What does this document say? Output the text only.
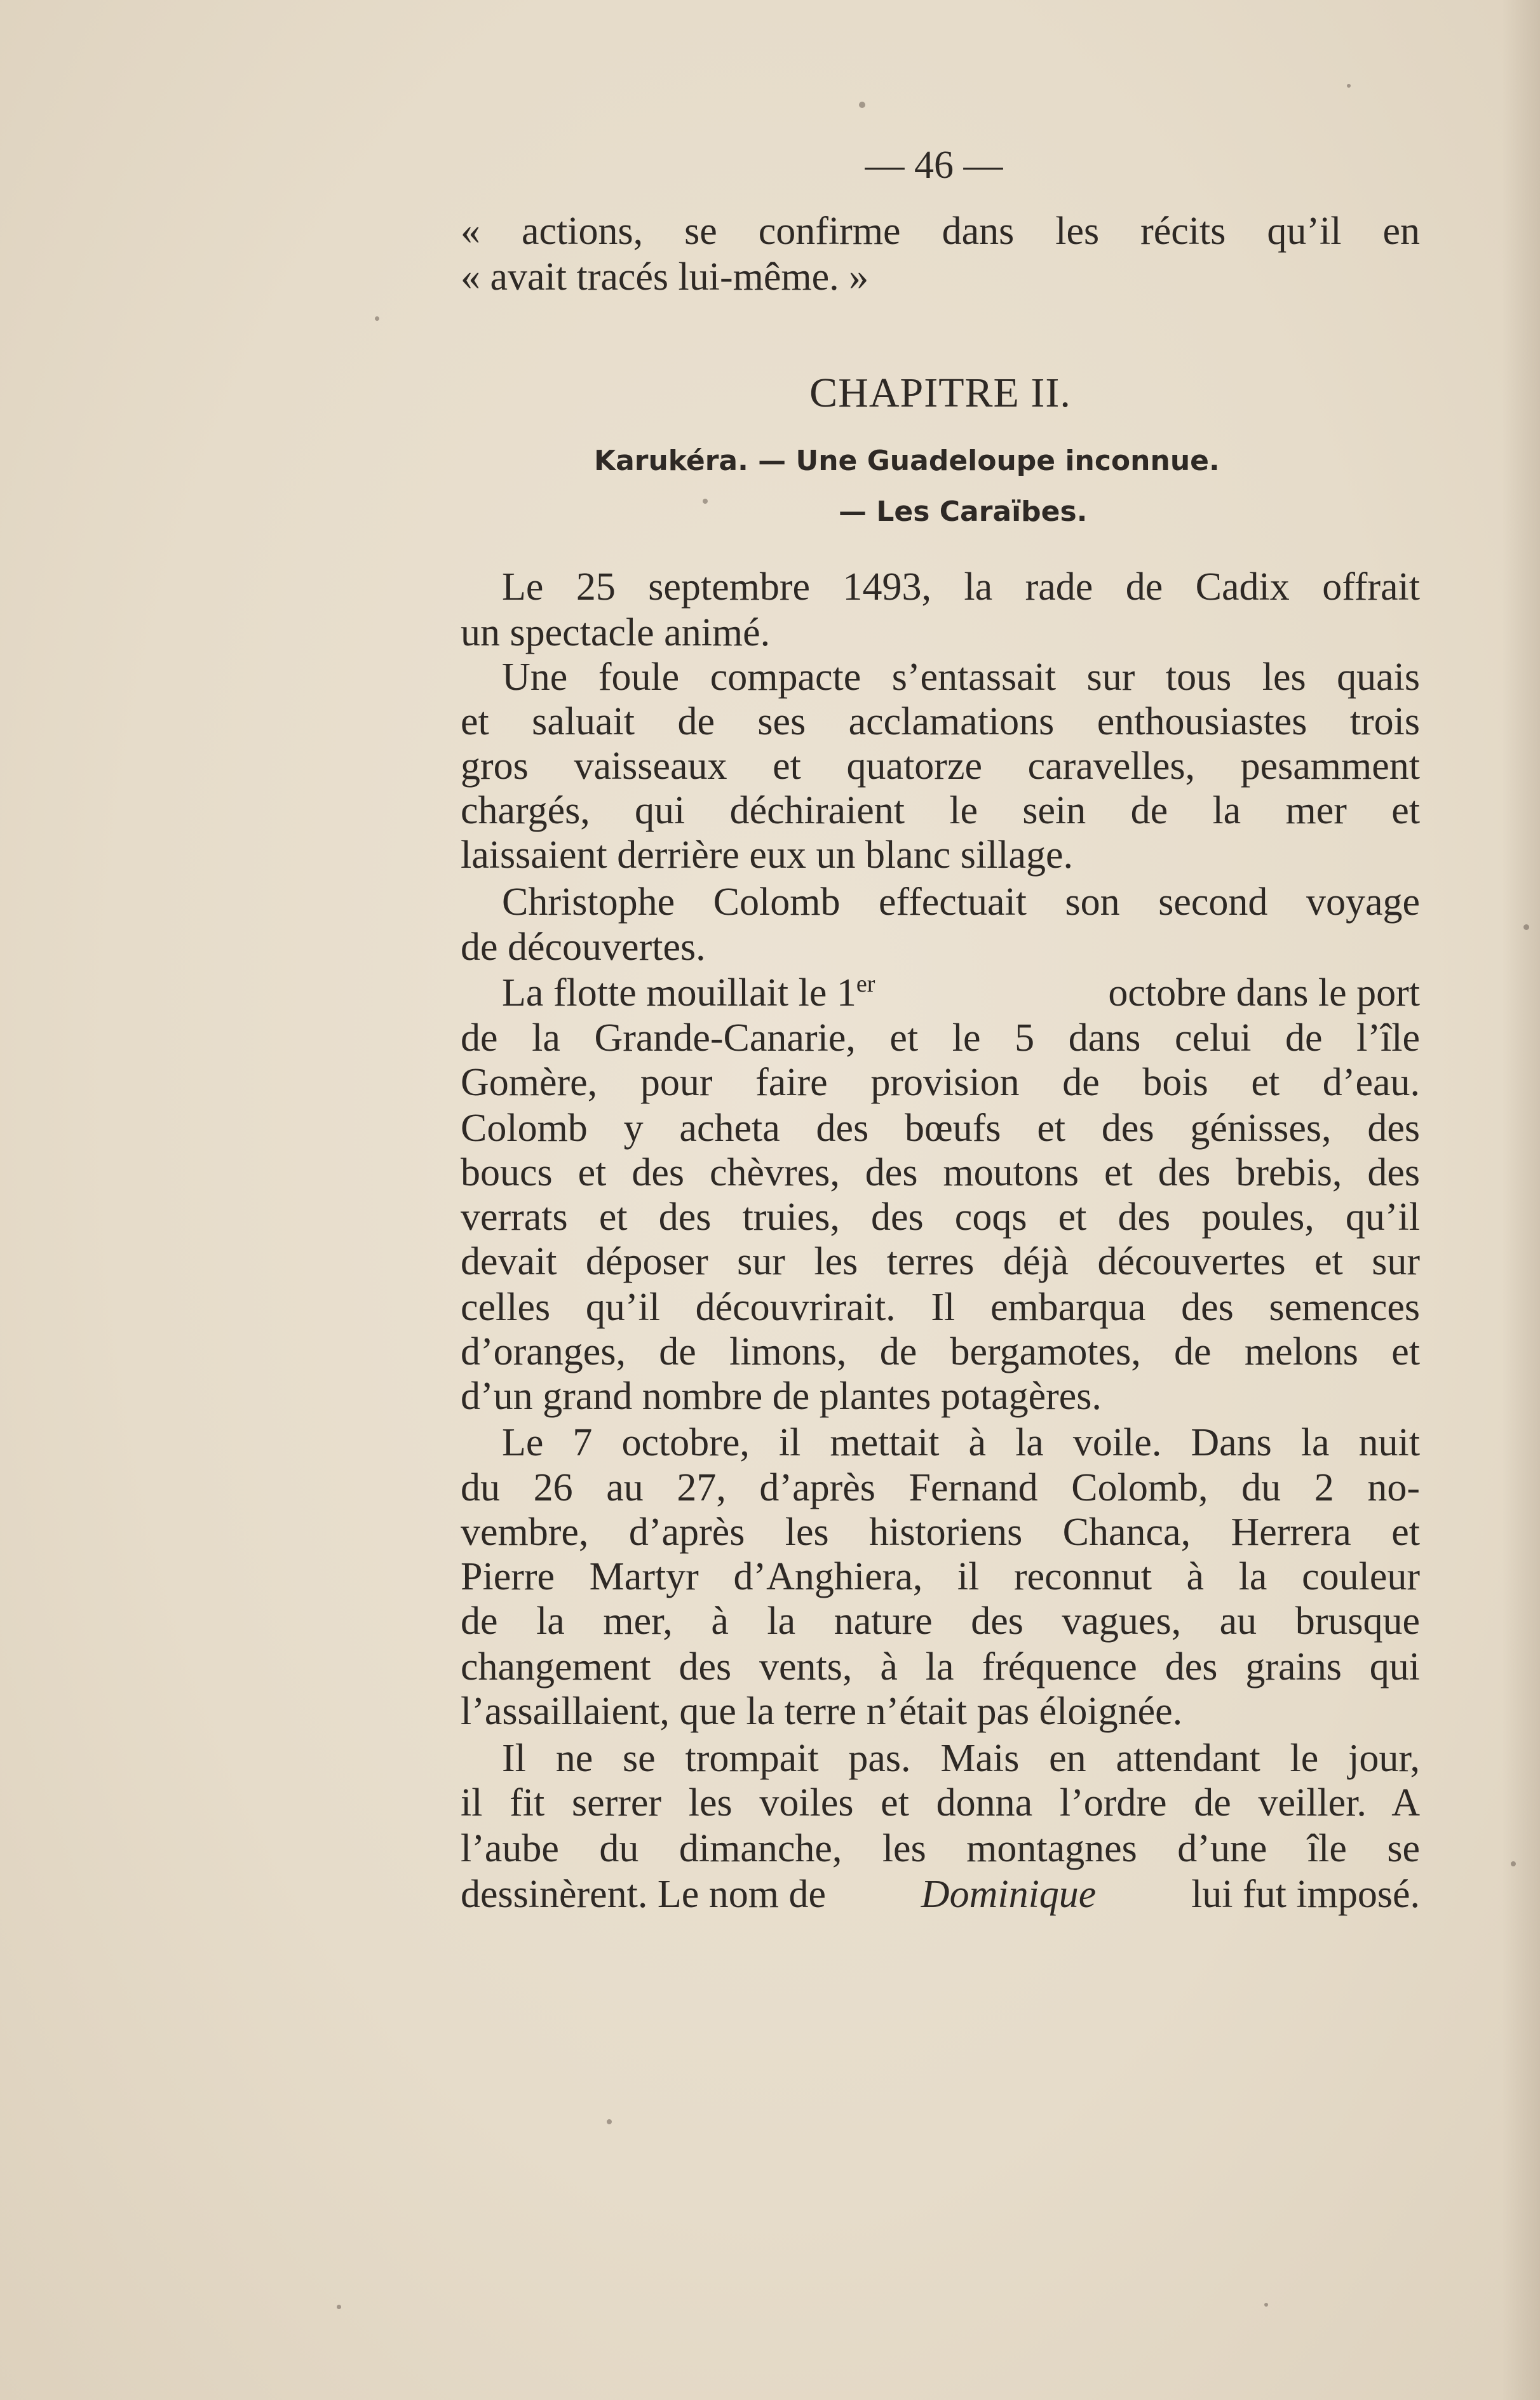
— 46 —
« actions, se confirme dans les récits qu’il en
« avait tracés lui-même. »
CHAPITRE II.
Karukéra. — Une Guadeloupe inconnue.
— Les Caraïbes.
Le 25 septembre 1493, la rade de Cadix offrait
un spectacle animé.
Une foule compacte s’entassait sur tous les quais
et saluait de ses acclamations enthousiastes trois
gros vaisseaux et quatorze caravelles, pesamment
chargés, qui déchiraient le sein de la mer et
laissaient derrière eux un blanc sillage.
Christophe Colomb effectuait son second voyage
de découvertes.
La flotte mouillait le 1er	octobre dans le port
de la Grande-Canarie, et le 5 dans celui de l’île
Gomère, pour faire provision de bois et d’eau.
Colomb y acheta des bœufs et des génisses, des
boucs et des chèvres, des moutons et des brebis, des
verrats et des truies, des coqs et des poules, qu’il
devait déposer sur les terres déjà découvertes et sur
celles qu’il découvrirait. Il embarqua des semences
d’oranges, de limons, de bergamotes, de melons et
d’un grand nombre de plantes potagères.
Le 7 octobre, il mettait à la voile. Dans la nuit
du 26 au 27, d’après Fernand Colomb, du 2 no-
vembre, d’après les historiens Chanca, Herrera et
Pierre Martyr d’Anghiera, il reconnut à la couleur
de la mer, à la nature des vagues, au brusque
changement des vents, à la fréquence des grains qui
l’assaillaient, que la terre n’était pas éloignée.
Il ne se trompait pas. Mais en attendant le jour,
il fit serrer les voiles et donna l’ordre de veiller. A
l’aube du dimanche, les montagnes d’une île se
dessinèrent. Le nom de Dominique lui fut imposé.
